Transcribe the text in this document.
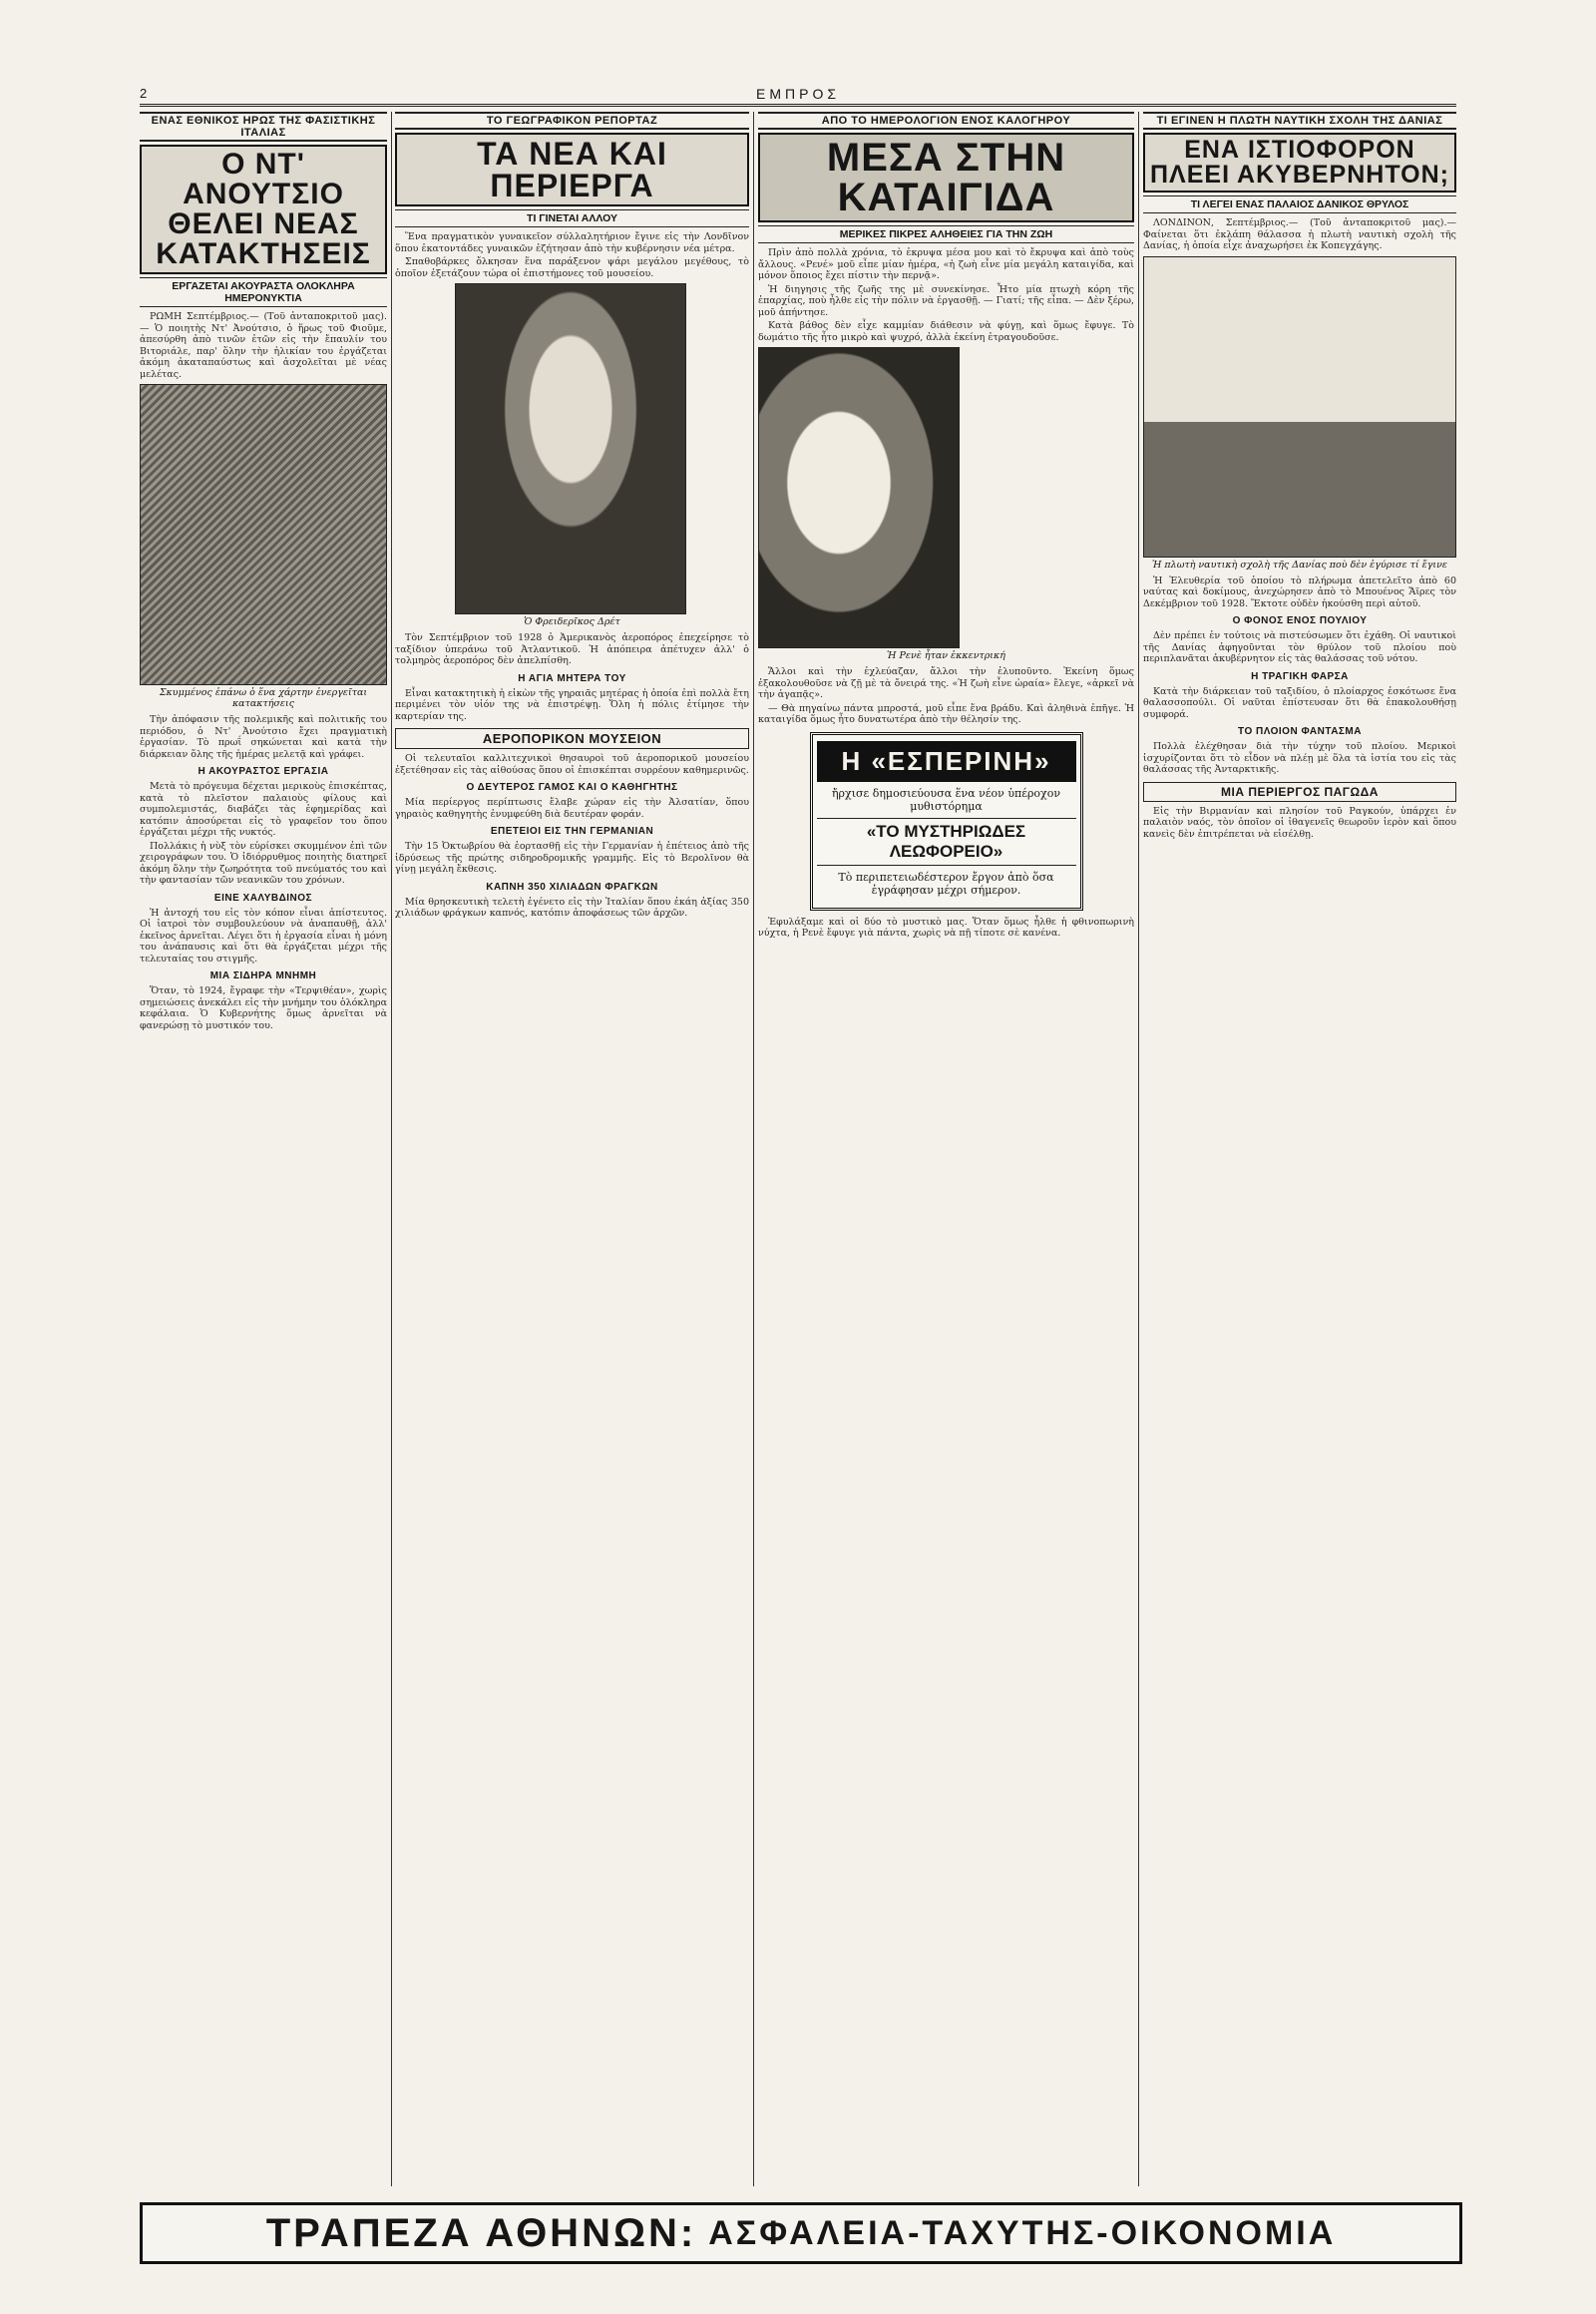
2	ΕΜΠΡΟΣ
ΕΝΑΣ ΕΘΝΙΚΟΣ ΗΡΩΣ ΤΗΣ ΦΑΣΙΣΤΙΚΗΣ ΙΤΑΛΙΑΣ
Ο ΝΤ' ΑΝΟΥΤΣΙΟ ΘΕΛΕΙ ΝΕΑΣ ΚΑΤΑΚΤΗΣΕΙΣ
ΕΡΓΑΖΕΤΑΙ ΑΚΟΥΡΑΣΤΑ ΟΛΟΚΛΗΡΑ ΗΜΕΡΟΝΥΚΤΙΑ

ΡΩΜΗ Σεπτέμβριος.— (Τοῦ ἀνταποκριτοῦ μας).— Ὁ ποιητὴς Ντ' Ἀνούτσιο, ὁ ἥρως τοῦ Φιοῦμε, ἀπεσύρθη ἀπὸ τινῶν ἐτῶν εἰς τὴν ἔπαυλίν του Βιτοριάλε, παρ' ὅλην τὴν ἡλικίαν του ἐργάζεται ἀκόμη ἀκαταπαύστως καὶ ἀσχολεῖται μὲ νέας μελέτας.

Σκυμμένος ἐπάνω ὁ ἕνα χάρτην ἐνεργεῖται κατακτήσεις

Τὴν ἀπόφασιν τῆς πολεμικῆς καὶ πολιτικῆς του περιόδου, ὁ Ντ' Ἀνούτσιο ἔχει πραγματικὴ ἐργασίαν. Τὸ πρωΐ σηκώνεται καὶ κατὰ τὴν διάρκειαν ὅλης τῆς ἡμέρας μελετᾷ καὶ γράφει.

Η ΑΚΟΥΡΑΣΤΟΣ ΕΡΓΑΣΙΑ

Μετὰ τὸ πρόγευμα δέχεται μερικοὺς ἐπισκέπτας, κατὰ τὸ πλεῖστον παλαιοὺς φίλους καὶ συμπολεμιστάς, διαβάζει τὰς ἐφημερίδας καὶ κατόπιν ἀποσύρεται εἰς τὸ γραφεῖον του ὅπου ἐργάζεται μέχρι τῆς νυκτός.

Πολλάκις ἡ νὺξ τὸν εὑρίσκει σκυμμένον ἐπὶ τῶν χειρογράφων του. Ὁ ἰδιόρρυθμος ποιητὴς διατηρεῖ ἀκόμη ὅλην τὴν ζωηρότητα τοῦ πνεύματός του καὶ τὴν φαντασίαν τῶν νεανικῶν του χρόνων.

ΕΙΝΕ ΧΑΛΥΒΔΙΝΟΣ

Ἡ ἀντοχή του εἰς τὸν κόπον εἶναι ἀπίστευτος. Οἱ ἰατροὶ τὸν συμβουλεύουν νὰ ἀναπαυθῇ, ἀλλ' ἐκεῖνος ἀρνεῖται. Λέγει ὅτι ἡ ἐργασία εἶναι ἡ μόνη του ἀνάπαυσις καὶ ὅτι θὰ ἐργάζεται μέχρι τῆς τελευταίας του στιγμῆς.

ΜΙΑ ΣΙΔΗΡΑ ΜΝΗΜΗ

Ὅταν, τὸ 1924, ἔγραφε τὴν «Τερψιθέαν», χωρὶς σημειώσεις ἀνεκάλει εἰς τὴν μνήμην του ὁλόκληρα κεφάλαια. Ὁ Κυβερνήτης ὅμως ἀρνεῖται νὰ φανερώσῃ τὸ μυστικόν του.

ΤΟ ΓΕΩΓΡΑΦΙΚΟΝ ΡΕΠΟΡΤΑΖ
ΤΑ ΝΕΑ ΚΑΙ ΠΕΡΙΕΡΓΑ
ΤΙ ΓΙΝΕΤΑΙ ΑΛΛΟΥ

Ἕνα πραγματικὸν γυναικεῖον σύλλαλητήριον ἔγινε εἰς τὴν Λονδῖνον ὅπου ἑκατοντάδες γυναικῶν ἐζήτησαν ἀπὸ τὴν κυβέρνησιν νέα μέτρα.

Σπαθοβάρκες ὄλκησαν ἕνα παράξενον ψάρι μεγάλου μεγέθους, τὸ ὁποῖον ἐξετάζουν τώρα οἱ ἐπιστήμονες τοῦ μουσείου.

Ὁ Φρειδερῖκος Δρέτ

Τὸν Σεπτέμβριον τοῦ 1928 ὁ Ἀμερικανὸς ἀεροπόρος ἐπεχείρησε τὸ ταξίδιον ὑπεράνω τοῦ Ἀτλαντικοῦ. Ἡ ἀπόπειρα ἀπέτυχεν ἀλλ' ὁ τολμηρὸς ἀεροπόρος δὲν ἀπελπίσθη.

Η ΑΓΙΑ ΜΗΤΕΡΑ ΤΟΥ

Εἶναι κατακτητικὴ ἡ εἰκὼν τῆς γηραιᾶς μητέρας ἡ ὁποία ἐπὶ πολλὰ ἔτη περιμένει τὸν υἱόν της νὰ ἐπιστρέψῃ. Ὅλη ἡ πόλις ἐτίμησε τὴν καρτερίαν της.

ΑΕΡΟΠΟΡΙΚΟΝ ΜΟΥΣΕΙΟΝ

Οἱ τελευταῖοι καλλιτεχνικοὶ θησαυροὶ τοῦ ἀεροπορικοῦ μουσείου ἐξετέθησαν εἰς τὰς αἰθούσας ὅπου οἱ ἐπισκέπται συρρέουν καθημερινῶς.

Ο ΔΕΥΤΕΡΟΣ ΓΑΜΟΣ ΚΑΙ Ο ΚΑΘΗΓΗΤΗΣ

Μία περίεργος περίπτωσις ἔλαβε χώραν εἰς τὴν Ἀλσατίαν, ὅπου γηραιὸς καθηγητὴς ἐνυμφεύθη διὰ δευτέραν φοράν.

ΕΠΕΤΕΙΟΙ ΕΙΣ ΤΗΝ ΓΕΡΜΑΝΙΑΝ

Τὴν 15 Ὀκτωβρίου θὰ ἑορτασθῇ εἰς τὴν Γερμανίαν ἡ ἐπέτειος ἀπὸ τῆς ἱδρύσεως τῆς πρώτης σιδηροδρομικῆς γραμμῆς. Εἰς τὸ Βερολῖνον θὰ γίνῃ μεγάλη ἔκθεσις.

ΚΑΠΝΗ 350 ΧΙΛΙΑΔΩΝ ΦΡΑΓΚΩΝ

Μία θρησκευτικὴ τελετὴ ἐγένετο εἰς τὴν Ἰταλίαν ὅπου ἐκάη ἀξίας 350 χιλιάδων φράγκων καπνός, κατόπιν ἀποφάσεως τῶν ἀρχῶν.

ΑΠΟ ΤΟ ΗΜΕΡΟΛΟΓΙΟΝ ΕΝΟΣ ΚΑΛΟΓΗΡΟΥ
ΜΕΣΑ ΣΤΗΝ ΚΑΤΑΙΓΙΔΑ
ΜΕΡΙΚΕΣ ΠΙΚΡΕΣ ΑΛΗΘΕΙΕΣ ΓΙΑ ΤΗΝ ΖΩΗ

Πρὶν ἀπὸ πολλὰ χρόνια, τὸ ἐκρυψα μέσα μου καὶ τὸ ἔκρυψα καὶ ἀπὸ τοὺς ἄλλους. «Ρενέ» μοῦ εἶπε μίαν ἡμέρα, «ἡ ζωὴ εἶνε μία μεγάλη καταιγίδα, καὶ μόνον ὅποιος ἔχει πίστιν τὴν περνᾷ».

Ἡ διηγησις τῆς ζωῆς της μὲ συνεκίνησε. Ἦτο μία πτωχὴ κόρη τῆς ἐπαρχίας, ποὺ ἦλθε εἰς τὴν πόλιν νὰ ἐργασθῇ. — Γιατί; τῆς εἶπα. — Δὲν ξέρω, μοῦ ἀπήντησε.

Κατὰ βάθος δὲν εἶχε καμμίαν διάθεσιν νὰ φύγῃ, καὶ ὅμως ἔφυγε. Τὸ δωμάτιο τῆς ἦτο μικρὸ καὶ ψυχρό, ἀλλὰ ἐκείνη ἐτραγουδοῦσε.

Ἡ Ρενὲ ἦταν ἐκκεντρική

Ἄλλοι καὶ τὴν ἐχλεύαζαν, ἄλλοι τὴν ἐλυποῦντο. Ἐκείνη ὅμως ἐξακολουθοῦσε νὰ ζῇ μὲ τὰ ὄνειρά της. «Ἡ ζωὴ εἶνε ὡραία» ἔλεγε, «ἀρκεῖ νὰ τὴν ἀγαπᾷς».

— Θὰ πηγαίνω πάντα μπροστά, μοῦ εἶπε ἕνα βράδυ. Καὶ ἀληθινὰ ἐπῆγε. Ἡ καταιγίδα ὅμως ἦτο δυνατωτέρα ἀπὸ τὴν θέλησίν της.

Η «ΕΣΠΕΡΙΝΗ»
ἤρχισε δημοσιεύουσα ἕνα νέον ὑπέροχον μυθιστόρημα
«ΤΟ ΜΥΣΤΗΡΙΩΔΕΣ ΛΕΩΦΟΡΕΙΟ»
Τὸ περιπετειωδέστερον ἔργον ἀπὸ ὅσα ἐγράφησαν μέχρι σήμερον.

Ἐφυλάξαμε καὶ οἱ δύο τὸ μυστικὸ μας. Ὅταν ὅμως ἦλθε ἡ φθινοπωρινὴ νύχτα, ἡ Ρενὲ ἔφυγε γιὰ πάντα, χωρὶς νὰ πῇ τίποτε σὲ κανένα.

ΤΙ ΕΓΙΝΕΝ Η ΠΛΩΤΗ ΝΑΥΤΙΚΗ ΣΧΟΛΗ ΤΗΣ ΔΑΝΙΑΣ
ΕΝΑ ΙΣΤΙΟΦΟΡΟΝ ΠΛΕΕΙ ΑΚΥΒΕΡΝΗΤΟΝ;
ΤΙ ΛΕΓΕΙ ΕΝΑΣ ΠΑΛΑΙΟΣ ΔΑΝΙΚΟΣ ΘΡΥΛΟΣ

ΛΟΝΔΙΝΟΝ, Σεπτέμβριος.— (Τοῦ ἀνταποκριτοῦ μας).— Φαίνεται ὅτι ἐκλάπη θάλασσα ἡ πλωτὴ ναυτικὴ σχολὴ τῆς Δανίας, ἡ ὁποία εἶχε ἀναχωρήσει ἐκ Κοπεγχάγης.

Ἡ πλωτὴ ναυτικὴ σχολὴ τῆς Δανίας ποὺ δὲν ἐγύρισε τί ἔγινε

Ἡ Ἐλευθερία τοῦ ὁποίου τὸ πλήρωμα ἀπετελεῖτο ἀπὸ 60 ναύτας καὶ δοκίμους, ἀνεχώρησεν ἀπὸ τὸ Μπουένος Ἄϊρες τὸν Δεκέμβριον τοῦ 1928. Ἔκτοτε οὐδὲν ἠκούσθη περὶ αὐτοῦ.

Ο ΦΟΝΟΣ ΕΝΟΣ ΠΟΥΛΙΟΥ

Δὲν πρέπει ἐν τούτοις νὰ πιστεύσωμεν ὅτι ἐχάθη. Οἱ ναυτικοὶ τῆς Δανίας ἀφηγοῦνται τὸν θρύλον τοῦ πλοίου ποὺ περιπλανᾶται ἀκυβέρνητον εἰς τὰς θαλάσσας τοῦ νότου.

Η ΤΡΑΓΙΚΗ ΦΑΡΣΑ

Κατὰ τὴν διάρκειαν τοῦ ταξιδίου, ὁ πλοίαρχος ἐσκότωσε ἕνα θαλασσοπούλι. Οἱ ναῦται ἐπίστευσαν ὅτι θὰ ἐπακολουθήσῃ συμφορά.

ΤΟ ΠΛΟΙΟΝ ΦΑΝΤΑΣΜΑ

Πολλὰ ἐλέχθησαν διὰ τὴν τύχην τοῦ πλοίου. Μερικοὶ ἰσχυρίζονται ὅτι τὸ εἶδον νὰ πλέῃ μὲ ὅλα τὰ ἱστία του εἰς τὰς θαλάσσας τῆς Ἀνταρκτικῆς.

ΜΙΑ ΠΕΡΙΕΡΓΟΣ ΠΑΓΩΔΑ

Εἰς τὴν Βιρμανίαν καὶ πλησίον τοῦ Ραγκούν, ὑπάρχει ἐν παλαιὸν ναός, τὸν ὁποῖον οἱ ἰθαγενεῖς θεωροῦν ἱερὸν καὶ ὅπου κανεὶς δὲν ἐπιτρέπεται νὰ εἰσέλθῃ.

ΤΡΑΠΕΖΑ ΑΘΗΝΩΝ: ΑΣΦΑΛΕΙΑ-ΤΑΧΥΤΗΣ-ΟΙΚΟΝΟΜΙΑ
